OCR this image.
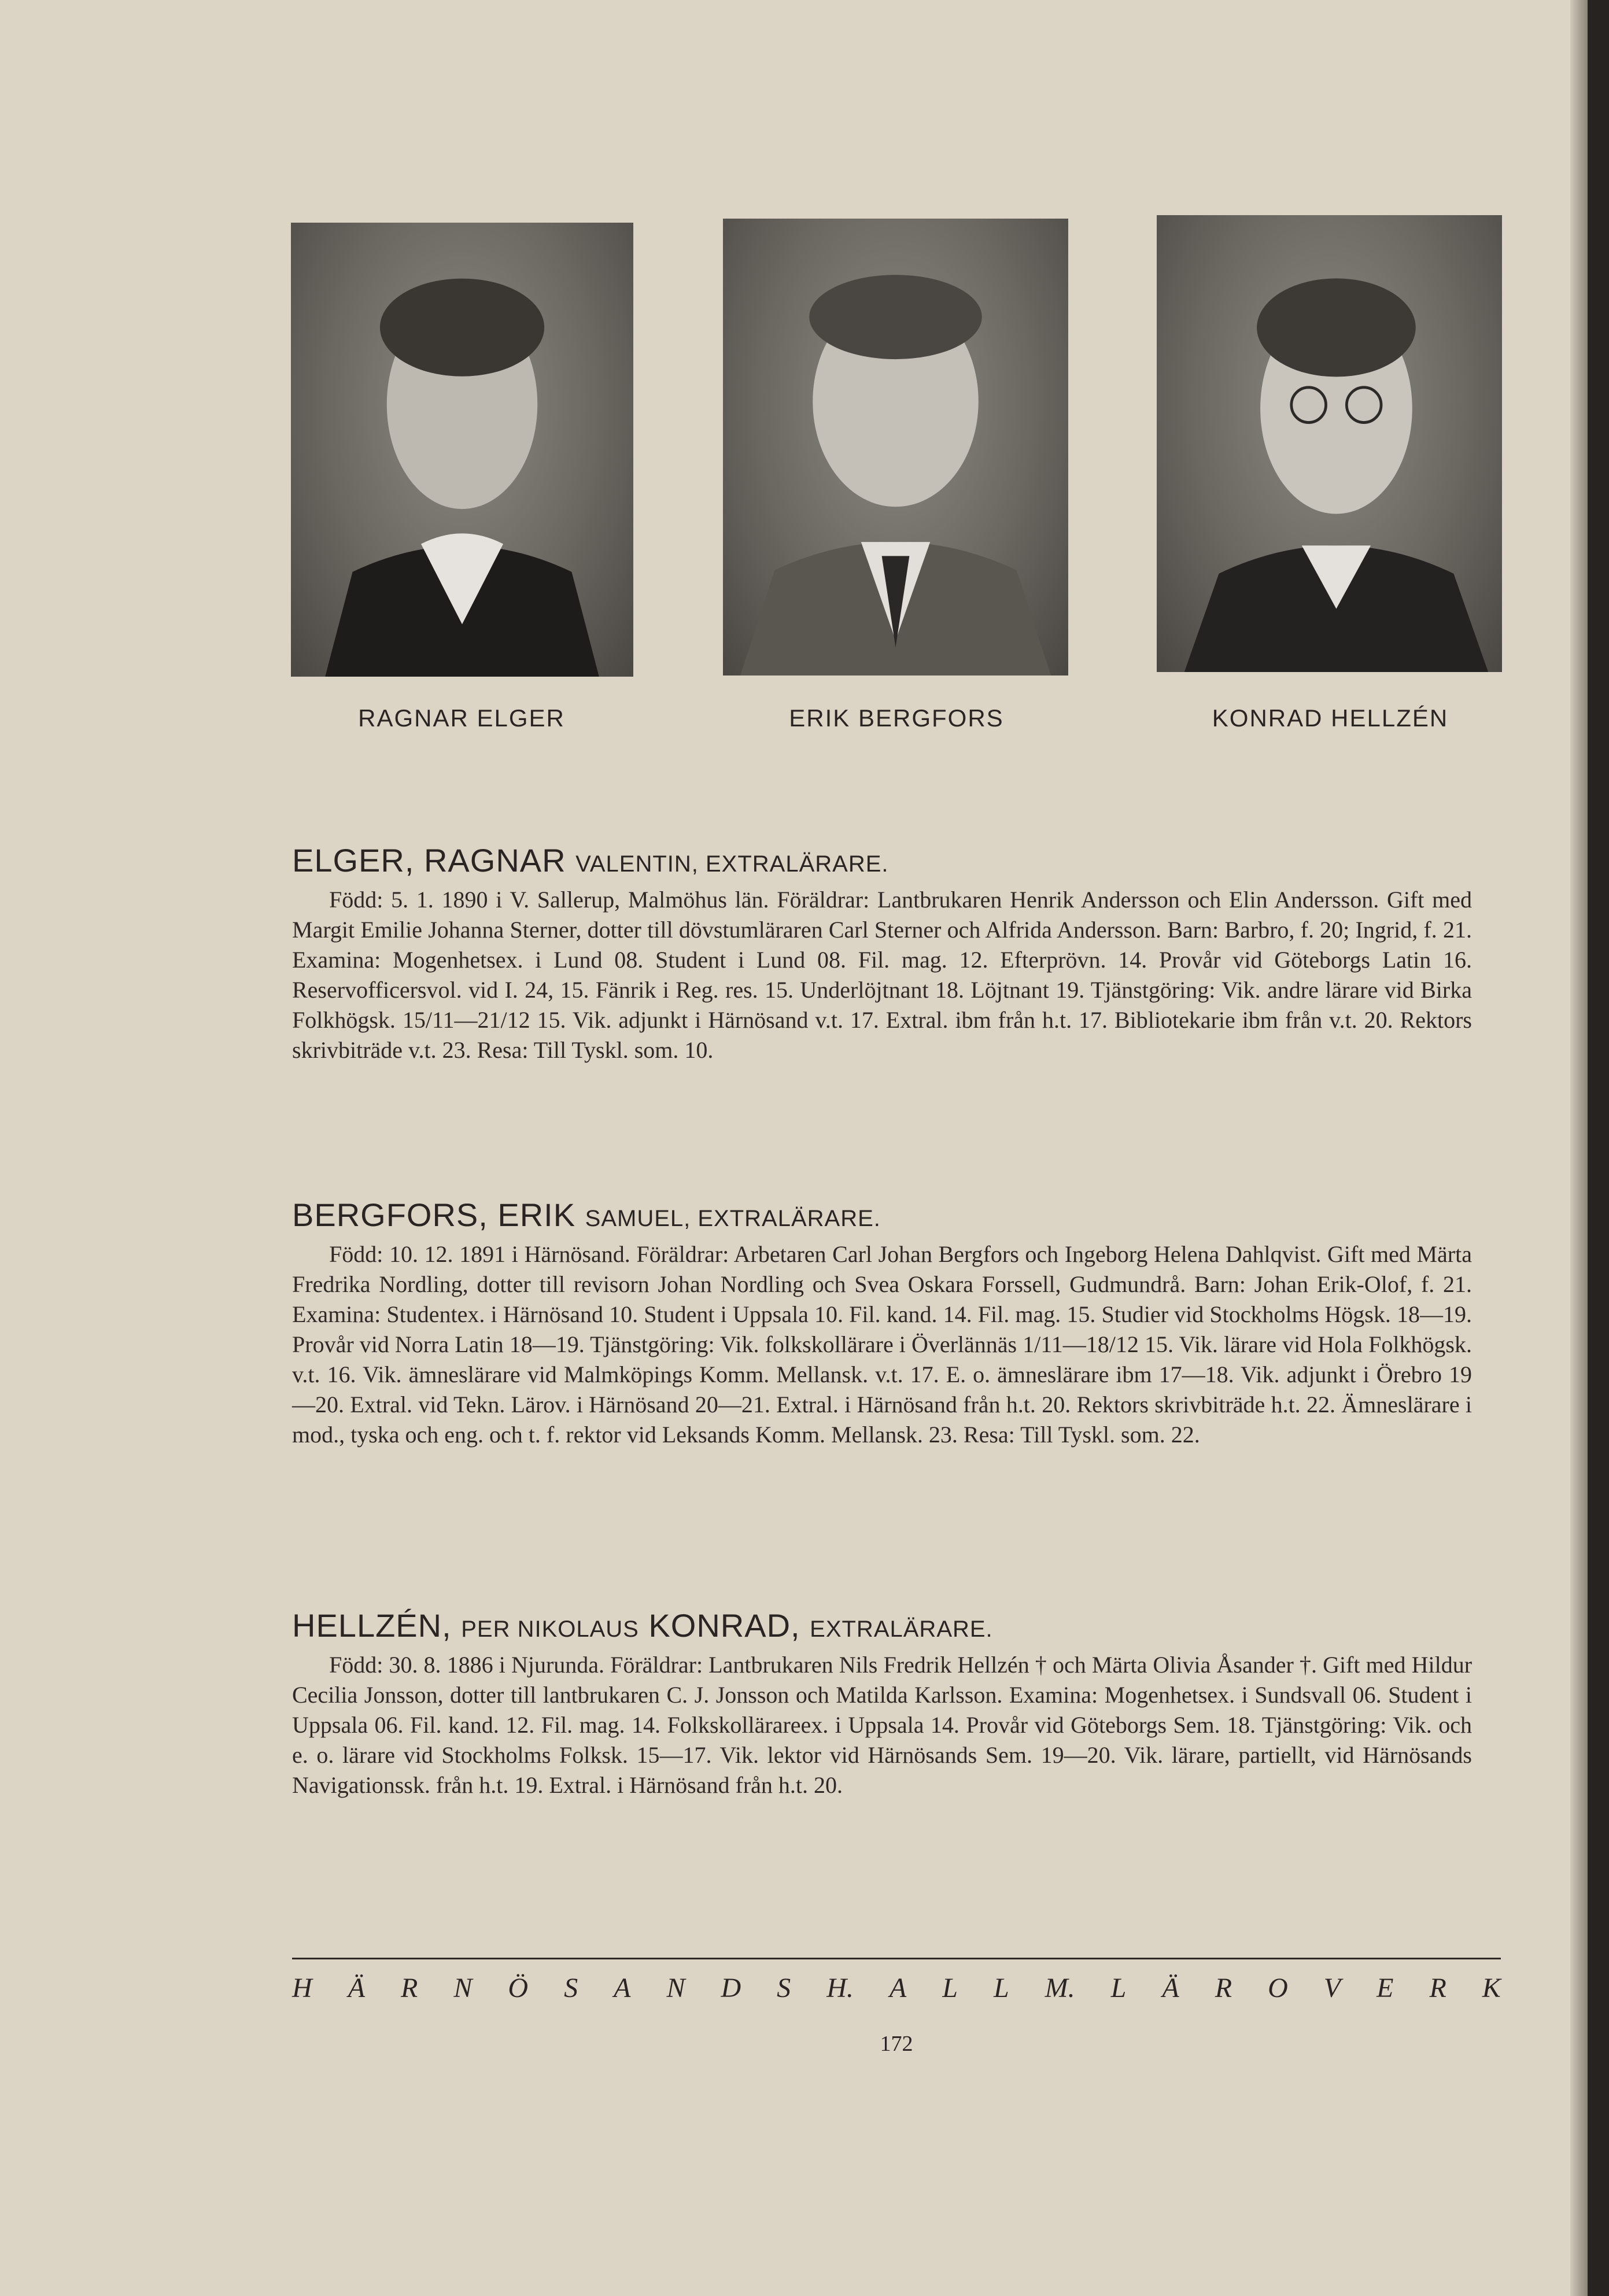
RAGNAR ELGER	ERIK BERGFORS	KONRAD HELLZÉN
ELGER, RAGNAR VALENTIN, EXTRALÄRARE.

Född: 5. 1. 1890 i V. Sallerup, Malmöhus län. Föräldrar: Lantbrukaren Henrik Andersson och Elin Andersson. Gift med Margit Emilie Johanna Sterner, dotter till dövstumläraren Carl Sterner och Alfrida Andersson. Barn: Barbro, f. 20; Ingrid, f. 21. Examina: Mogenhetsex. i Lund 08. Student i Lund 08. Fil. mag. 12. Efterprövn. 14. Provår vid Göteborgs Latin 16. Reservofficersvol. vid I. 24, 15. Fänrik i Reg. res. 15. Underlöjtnant 18. Löjtnant 19. Tjänstgöring: Vik. andre lärare vid Birka Folkhögsk. 15/11—21/12 15. Vik. adjunkt i Härnösand v.t. 17. Extral. ibm från h.t. 17. Bibliotekarie ibm från v.t. 20. Rektors skrivbiträde v.t. 23. Resa: Till Tyskl. som. 10.

BERGFORS, ERIK SAMUEL, EXTRALÄRARE.

Född: 10. 12. 1891 i Härnösand. Föräldrar: Arbetaren Carl Johan Bergfors och Ingeborg Helena Dahlqvist. Gift med Märta Fredrika Nordling, dotter till revisorn Johan Nordling och Svea Oskara Forssell, Gudmundrå. Barn: Johan Erik-Olof, f. 21. Examina: Studentex. i Härnösand 10. Student i Uppsala 10. Fil. kand. 14. Fil. mag. 15. Studier vid Stockholms Högsk. 18—19. Provår vid Norra Latin 18—19. Tjänstgöring: Vik. folkskollärare i Överlännäs 1/11—18/12 15. Vik. lärare vid Hola Folkhögsk. v.t. 16. Vik. ämneslärare vid Malmköpings Komm. Mellansk. v.t. 17. E. o. ämneslärare ibm 17—18. Vik. adjunkt i Örebro 19—20. Extral. vid Tekn. Lärov. i Härnösand 20—21. Extral. i Härnösand från h.t. 20. Rektors skrivbiträde h.t. 22. Ämneslärare i mod., tyska och eng. och t. f. rektor vid Leksands Komm. Mellansk. 23. Resa: Till Tyskl. som. 22.

HELLZÉN, PER NIKOLAUS KONRAD, EXTRALÄRARE.

Född: 30. 8. 1886 i Njurunda. Föräldrar: Lantbrukaren Nils Fredrik Hellzén † och Märta Olivia Åsander †. Gift med Hildur Cecilia Jonsson, dotter till lantbrukaren C. J. Jonsson och Matilda Karlsson. Examina: Mogenhetsex. i Sundsvall 06. Student i Uppsala 06. Fil. kand. 12. Fil. mag. 14. Folkskollärareex. i Uppsala 14. Provår vid Göteborgs Sem. 18. Tjänstgöring: Vik. och e. o. lärare vid Stockholms Folksk. 15—17. Vik. lektor vid Härnösands Sem. 19—20. Vik. lärare, partiellt, vid Härnösands Navigationssk. från h.t. 19. Extral. i Härnösand från h.t. 20.

H Ä R N Ö S A N D S H. A L L M. L Ä R O V E R K
172
